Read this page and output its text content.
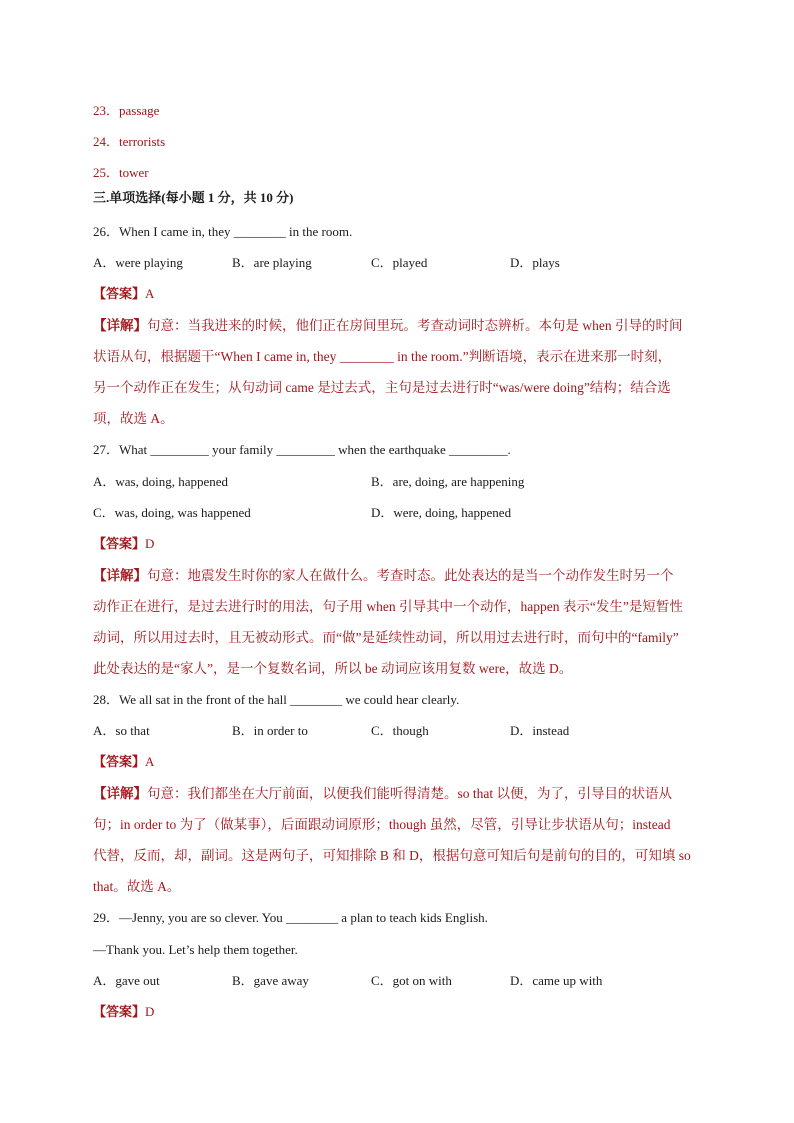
23．passage
24．terrorists
25．tower
三.单项选择(每小题 1 分，共 10 分)
26．When I came in, they ________ in the room.
A．were playing	B．are playing	C．played	D．plays
【答案】A
【详解】句意：当我进来的时候，他们正在房间里玩。考查动词时态辨析。本句是 when 引导的时间
状语从句，根据题干“When I came in, they ________ in the room.”判断语境，表示在进来那一时刻，
另一个动作正在发生；从句动词 came 是过去式，主句是过去进行时“was/were doing”结构；结合选
项，故选 A。
27．What _________ your family _________ when the earthquake _________.
A．was, doing, happened	B．are, doing, are happening
C．was, doing, was happened	D．were, doing, happened
【答案】D
【详解】句意：地震发生时你的家人在做什么。考查时态。此处表达的是当一个动作发生时另一个
动作正在进行，是过去进行时的用法，句子用 when 引导其中一个动作，happen 表示“发生”是短暂性
动词，所以用过去时，且无被动形式。而“做”是延续性动词，所以用过去进行时，而句中的“family”
此处表达的是“家人”，是一个复数名词，所以 be 动词应该用复数 were，故选 D。
28．We all sat in the front of the hall ________ we could hear clearly.
A．so that	B．in order to	C．though	D．instead
【答案】A
【详解】句意：我们都坐在大厅前面，以便我们能听得清楚。so that 以便，为了，引导目的状语从
句；in order to 为了（做某事），后面跟动词原形；though 虽然，尽管，引导让步状语从句；instead
代替，反而，却，副词。这是两句子，可知排除 B 和 D，根据句意可知后句是前句的目的，可知填 so
that。故选 A。
29．—Jenny, you are so clever. You ________ a plan to teach kids English.
—Thank you. Let’s help them together.
A．gave out	B．gave away	C．got on with	D．came up with
【答案】D
